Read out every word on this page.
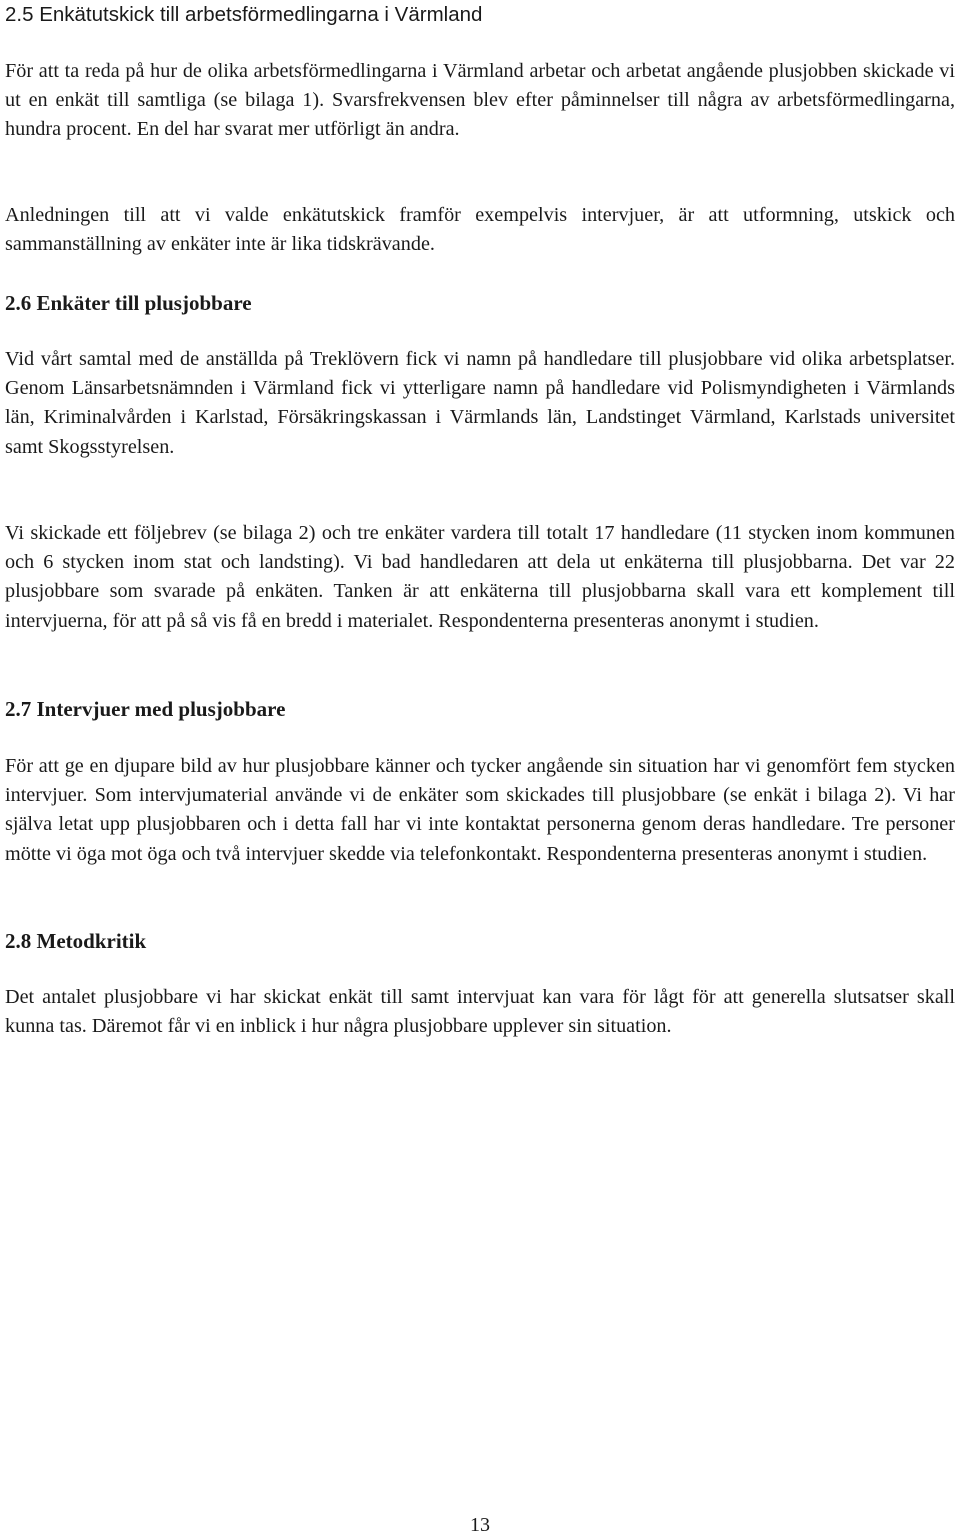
2.5 Enkätutskick till arbetsförmedlingarna i Värmland

För att ta reda på hur de olika arbetsförmedlingarna i Värmland arbetar och arbetat angående plusjobben skickade vi ut en enkät till samtliga (se bilaga 1). Svarsfrekvensen blev efter påminnelser till några av arbetsförmedlingarna, hundra procent. En del har svarat mer utförligt än andra.

Anledningen till att vi valde enkätutskick framför exempelvis intervjuer, är att utformning, utskick och sammanställning av enkäter inte är lika tidskrävande.

2.6 Enkäter till plusjobbare

Vid vårt samtal med de anställda på Treklövern fick vi namn på handledare till plusjobbare vid olika arbetsplatser. Genom Länsarbetsnämnden i Värmland fick vi ytterligare namn på handledare vid Polismyndigheten i Värmlands län, Kriminalvården i Karlstad, Försäkringskassan i Värmlands län, Landstinget Värmland, Karlstads universitet samt Skogsstyrelsen.

Vi skickade ett följebrev (se bilaga 2) och tre enkäter vardera till totalt 17 handledare (11 stycken inom kommunen och 6 stycken inom stat och landsting). Vi bad handledaren att dela ut enkäterna till plusjobbarna. Det var 22 plusjobbare som svarade på enkäten. Tanken är att enkäterna till plusjobbarna skall vara ett komplement till intervjuerna, för att på så vis få en bredd i materialet. Respondenterna presenteras anonymt i studien.

2.7 Intervjuer med plusjobbare

För att ge en djupare bild av hur plusjobbare känner och tycker angående sin situation har vi genomfört fem stycken intervjuer. Som intervjumaterial använde vi de enkäter som skickades till plusjobbare (se enkät i bilaga 2). Vi har själva letat upp plusjobbaren och i detta fall har vi inte kontaktat personerna genom deras handledare. Tre personer mötte vi öga mot öga och två intervjuer skedde via telefonkontakt. Respondenterna presenteras anonymt i studien.

2.8 Metodkritik

Det antalet plusjobbare vi har skickat enkät till samt intervjuat kan vara för lågt för att generella slutsatser skall kunna tas. Däremot får vi en inblick i hur några plusjobbare upplever sin situation.

13
